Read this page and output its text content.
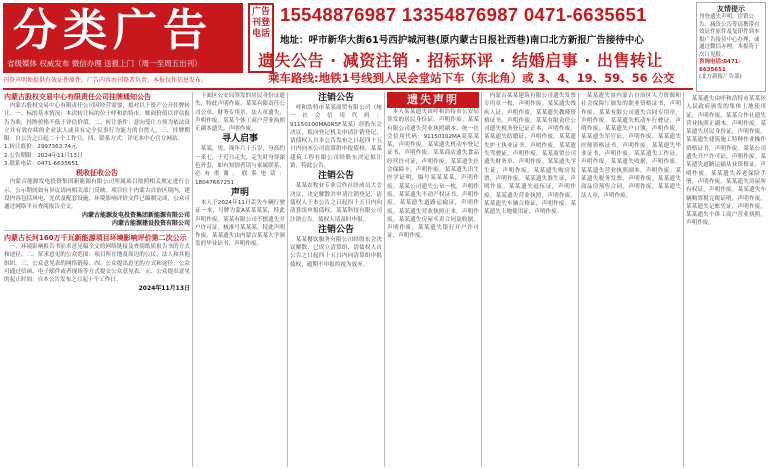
分类广告
省级媒体 权威发布 微信办理 送报上门（周一至周五出刊）
刊登声明须提供有效证件原件，广告内容由刊登者负责，本报仅作信息发布。
广告刊登电话
15548876987 13354876987 0471-6635651
地址：呼市新华大街61号西护城河巷(原内蒙古日报社西巷)南口北方新报广告接待中心
遗失公告 · 减资注销 · 招标环评 · 结婚启事 · 出售转让
乘车路线:地铁1号线到人民会堂站下车（东北角）或 3、4、19、59、56 公交
友情提示
刊登遗失声明、注销公告、减资公告等请携带有效证件原件及复印件到本报广告接待中心办理，或通过微信办理，本报将于次日见报。
咨询电话:0471-6635651
(北方新报广告部)
内蒙古股权交易中心有限责任公司挂牌通知公告

内蒙古股权交易中心有限责任公司因经营需要，拟对以下资产公开挂牌转让。一、标的基本情况：本次转让标的位于呼和浩特市，账面价值以评估报告为准，挂牌价格不低于评估价值。二、转让条件：意向受让方须为依法设立并有效存续的企业法人或具有完全民事行为能力的自然人。三、挂牌期限：自公告之日起二十个工作日。四、联系方式：详见本中心官方网站。

1.转让底价：2997363.74元
2.公告期限：2024年11月13日
3.联系电话：0471-6635651
税收征收公告

内蒙古能源发电投资集团新能源有限公司所属项目按照相关规定进行公示，公示期间如有异议请向相关部门反映。项目位于内蒙古自治区境内，建设内容包括风电、光伏及配套设施，环境影响评价文件已编制完成，公众可通过网络平台查阅报告全文。

内蒙古能源发电投资集团新能源有限公司
内蒙古能源建设投资有限公司
内蒙古长河160万千瓦新能源项目环境影响评价第二次公示

一、环境影响报告书征求意见稿全文的网络链接及查阅纸质报告书的方式和途径。二、征求意见的公众范围：项目所在地及周边的公民、法人和其他组织。三、公众意见表的网络链接。四、公众提出意见的方式和途径：公众可通过信函、电子邮件或者现场等方式提交公众意见表。五、公众提出意见的起止时间：自本公告发布之日起十个工作日。

2024年11月13日

下面区公安局签发的居民身份证遗失，特此声明作废。某某有限责任公司公章、财务专用章、法人章遗失，声明作废。某某个体工商户营业执照正副本遗失，声明作废。

寻人启事

某某，男，现年六十五岁，身高约一米七，于近日走失，走失时身穿深色外套，如有知情者请与家属联系，必有重谢。联系电话：18047667251

声明

本人于2024年11月丢失车辆行驶证一本，号牌为蒙A某某某某，特此声明作废。某某有限公司不慎遗失开户许可证，核准号某某某，特此声明作废。某某遗失由内蒙古某某大学颁发的毕业证书，声明作废。

注销公告

呼和浩特市某某商贸有限公司（统一社会信用代码：91150100MA0R5F某某）经股东会决议，拟向登记机关申请注销登记，请债权人自本公告发布之日起四十五日内向本公司清算组申报债权。某某建筑工程有限公司经股东决定拟注销，特此公告。

注销公告

某某农牧业专业合作社经成员大会决议，决定解散并申请注销登记，请债权人于本公告之日起四十五日内向清算组申报债权。某某科技有限公司注销公告，债权人请及时申报。

注销公告

某某餐饮服务有限公司经股东会决议解散，已成立清算组，请债权人自公告之日起四十五日内向清算组申报债权，逾期不申报的视为放弃。

遗失声明

本人某某遗失由呼和浩特市公安局签发的居民身份证，声明作废。某某有限公司遗失营业执照副本，统一社会信用代码：91150102MA某某某某，声明作废。某某遗失机动车登记证书，声明作废。某某商店遗失食品经营许可证，声明作废。某某遗失社会保障卡，声明作废。某某遗失出生医学证明，编号某某某某，声明作废。某某公司遗失公章一枚，声明作废。某某遗失不动产权证书，声明作废。某某遗失道路运输证，声明作废。某某遗失营业执照正本，声明作废。某某遗失房屋买卖合同及收据，声明作废。某某遗失银行开户许可证，声明作废。

内蒙古某某建筑有限公司遗失发票专用章一枚，声明作废。某某遗失残疾人证，声明作废。某某遗失教师资格证书，声明作废。某某有限责任公司遗失税务登记证正本，声明作废。某某遗失结婚证，声明作废。某某遗失护士执业证书，声明作废。某某遗失驾驶证，声明作废。某某商贸公司遗失财务章，声明作废。某某遗失学生证，声明作废。某某遗失购房发票，声明作废。某某遗失准生证，声明作废。某某遗失退伍证，声明作废。某某遗失营业执照，声明作废。某某遗失车辆合格证，声明作废。某某遗失土地使用证，声明作废。

某某遗失由内蒙古自治区人力资源和社会保障厅颁发的职业资格证书，声明作废。某某有限公司遗失合同专用章，声明作废。某某遗失机动车行驶证，声明作废。某某遗失户口簿，声明作废。某某遗失军官证，声明作废。某某遗失医师资格证书，声明作废。某某遗失毕业证书，声明作废。某某遗失工作证，声明作废。某某遗失收据，声明作废。某某遗失营业执照副本，声明作废。某某遗失税务发票，声明作废。某某遗失商品房预售合同，声明作废。某某遗失法人章，声明作废。

某某遗失由呼和浩特市某某区人民政府颁发的集体土地使用证，声明作废。某某合作社遗失营业执照正副本，声明作废。某某遗失居民身份证，声明作废。某某遗失建筑施工特种作业操作资格证书，声明作废。某某公司遗失开户许可证，声明作废。某某遗失道路运输从业资格证，声明作废。某某遗失养老保险手册，声明作废。某某遗失房屋所有权证，声明作废。某某遗失车辆购置税完税证明，声明作废。某某遗失记账凭证，声明作废。某某遗失个体工商户营业执照，声明作废。
